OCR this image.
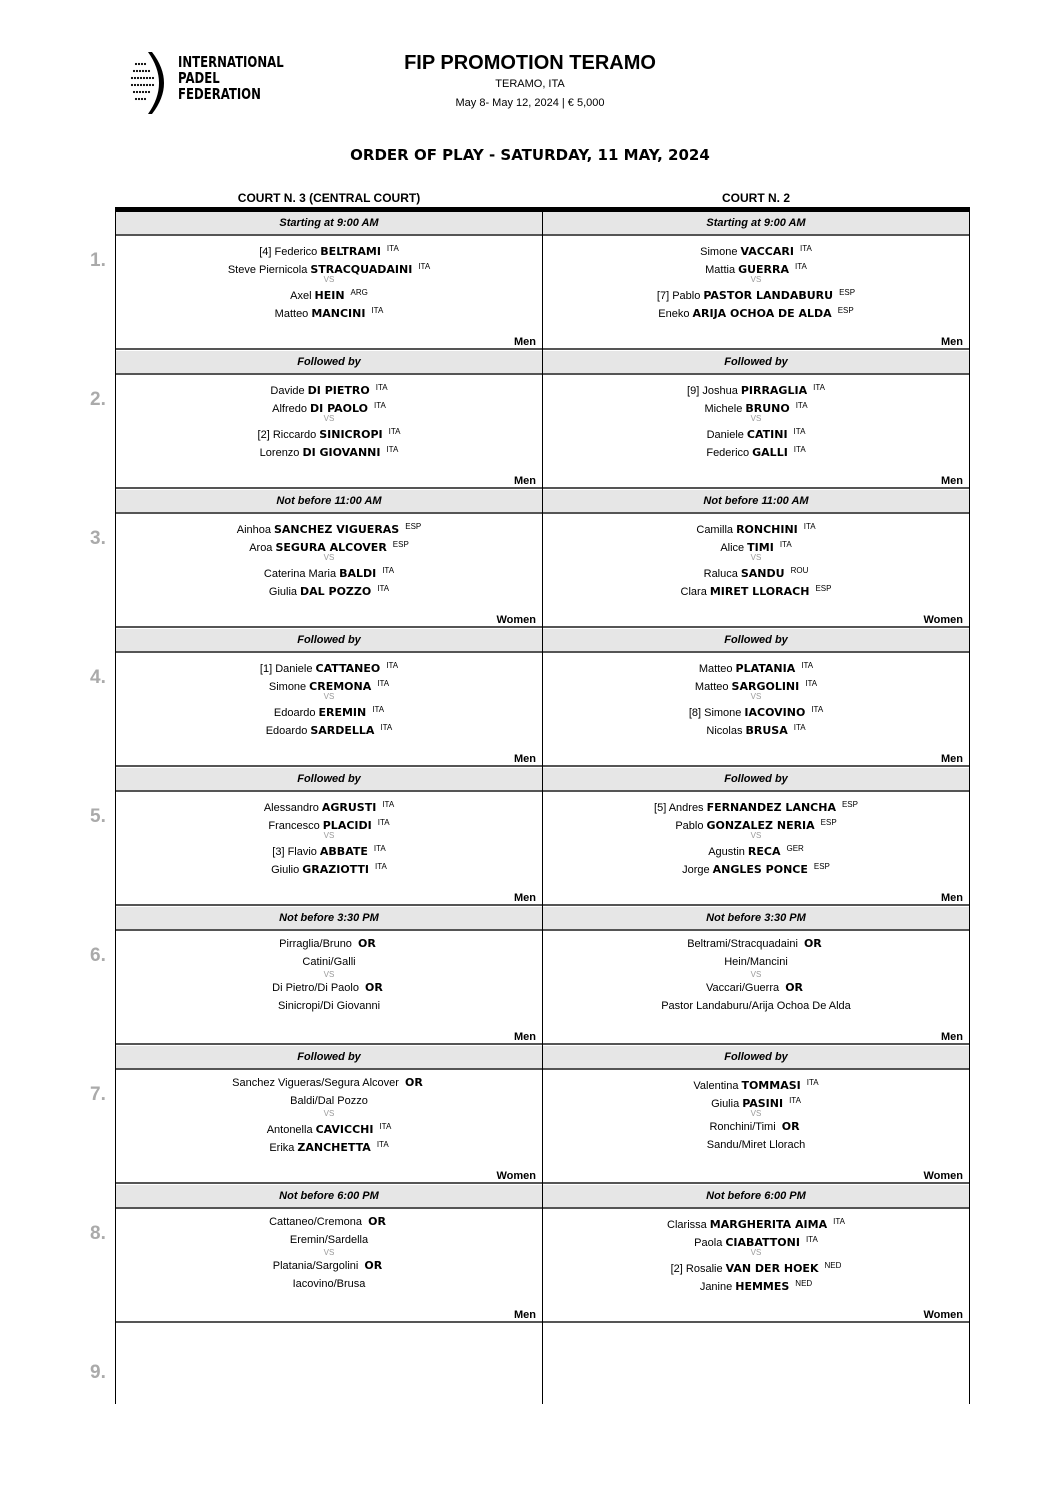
INTERNATIONAL
PADEL
FEDERATION
FIP PROMOTION TERAMO
TERAMO, ITA
May 8- May 12, 2024 | € 5,000
ORDER OF PLAY - SATURDAY, 11 MAY, 2024
COURT N. 3 (CENTRAL COURT)	COURT N. 2
1.
Starting at 9:00 AM
[4] Federico BELTRAMI $^{ITA}$
Steve Piernicola STRACQUADAINI $^{ITA}$
VS
Axel HEIN $^{ARG}$
Matteo MANCINI $^{ITA}$
Men
Starting at 9:00 AM
Simone VACCARI $^{ITA}$
Mattia GUERRA $^{ITA}$
VS
[7] Pablo PASTOR LANDABURU $^{ESP}$
Eneko ARIJA OCHOA DE ALDA $^{ESP}$
Men
2.
Followed by
Davide DI PIETRO $^{ITA}$
Alfredo DI PAOLO $^{ITA}$
VS
[2] Riccardo SINICROPI $^{ITA}$
Lorenzo DI GIOVANNI $^{ITA}$
Men
Followed by
[9] Joshua PIRRAGLIA $^{ITA}$
Michele BRUNO $^{ITA}$
VS
Daniele CATINI $^{ITA}$
Federico GALLI $^{ITA}$
Men
3.
Not before 11:00 AM
Ainhoa SANCHEZ VIGUERAS $^{ESP}$
Aroa SEGURA ALCOVER $^{ESP}$
VS
Caterina Maria BALDI $^{ITA}$
Giulia DAL POZZO $^{ITA}$
Women
Not before 11:00 AM
Camilla RONCHINI $^{ITA}$
Alice TIMI $^{ITA}$
VS
Raluca SANDU $^{ROU}$
Clara MIRET LLORACH $^{ESP}$
Women
4.
Followed by
[1] Daniele CATTANEO $^{ITA}$
Simone CREMONA $^{ITA}$
VS
Edoardo EREMIN $^{ITA}$
Edoardo SARDELLA $^{ITA}$
Men
Followed by
Matteo PLATANIA $^{ITA}$
Matteo SARGOLINI $^{ITA}$
VS
[8] Simone IACOVINO $^{ITA}$
Nicolas BRUSA $^{ITA}$
Men
5.
Followed by
Alessandro AGRUSTI $^{ITA}$
Francesco PLACIDI $^{ITA}$
VS
[3] Flavio ABBATE $^{ITA}$
Giulio GRAZIOTTI $^{ITA}$
Men
Followed by
[5] Andres FERNANDEZ LANCHA $^{ESP}$
Pablo GONZALEZ NERIA $^{ESP}$
VS
Agustin RECA $^{GER}$
Jorge ANGLES PONCE $^{ESP}$
Men
6.
Not before 3:30 PM
Pirraglia/Bruno OR
Catini/Galli
VS
Di Pietro/Di Paolo OR
Sinicropi/Di Giovanni
Men
Not before 3:30 PM
Beltrami/Stracquadaini OR
Hein/Mancini
VS
Vaccari/Guerra OR
Pastor Landaburu/Arija Ochoa De Alda
Men
7.
Followed by
Sanchez Vigueras/Segura Alcover OR
Baldi/Dal Pozzo
VS
Antonella CAVICCHI $^{ITA}$
Erika ZANCHETTA $^{ITA}$
Women
Followed by
Valentina TOMMASI $^{ITA}$
Giulia PASINI $^{ITA}$
VS
Ronchini/Timi OR
Sandu/Miret Llorach
Women
8.
Not before 6:00 PM
Cattaneo/Cremona OR
Eremin/Sardella
VS
Platania/Sargolini OR
Iacovino/Brusa
Men
Not before 6:00 PM
Clarissa MARGHERITA AIMA $^{ITA}$
Paola CIABATTONI $^{ITA}$
VS
[2] Rosalie VAN DER HOEK $^{NED}$
Janine HEMMES $^{NED}$
Women
9.
